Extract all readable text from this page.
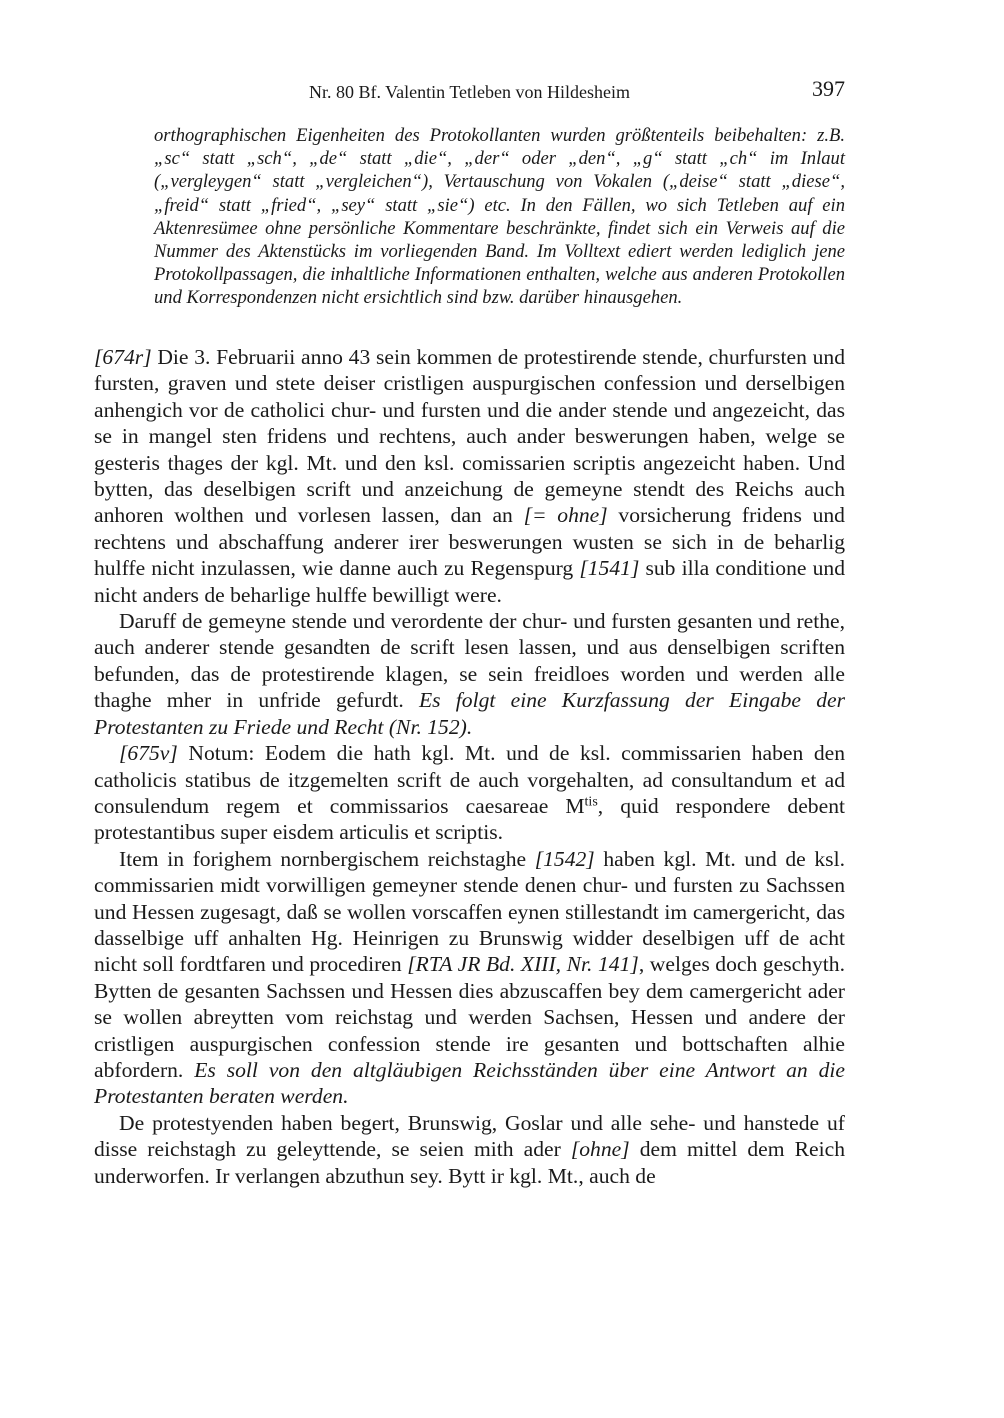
Nr. 80 Bf. Valentin Tetleben von Hildesheim	397
orthographischen Eigenheiten des Protokollanten wurden größtenteils beibehalten: z.B. „sc“ statt „sch“, „de“ statt „die“, „der“ oder „den“, „g“ statt „ch“ im Inlaut („vergleygen“ statt „vergleichen“), Vertauschung von Vokalen („deise“ statt „diese“, „freid“ statt „fried“, „sey“ statt „sie“) etc. In den Fällen, wo sich Tetleben auf ein Aktenresümee ohne persönliche Kommentare beschränkte, findet sich ein Verweis auf die Nummer des Aktenstücks im vorliegenden Band. Im Volltext ediert werden lediglich jene Protokollpassagen, die inhaltliche Informationen enthalten, welche aus anderen Protokollen und Korrespondenzen nicht ersichtlich sind bzw. darüber hinausgehen.

[674r] Die 3. Februarii anno 43 sein kommen de protestirende stende, churfursten und fursten, graven und stete deiser cristligen auspurgischen confession und derselbigen anhengich vor de catholici chur- und fursten und die ander stende und angezeicht, das se in mangel sten fridens und rechtens, auch ander beswerungen haben, welge se gesteris thages der kgl. Mt. und den ksl. comissarien scriptis angezeicht haben. Und bytten, das deselbigen scrift und anzeichung de gemeyne stendt des Reichs auch anhoren wolthen und vorlesen lassen, dan an [= ohne] vorsicherung fridens und rechtens und abschaffung anderer irer beswerungen wusten se sich in de beharlig hulffe nicht inzulassen, wie danne auch zu Regenspurg [1541] sub illa conditione und nicht anders de beharlige hulffe bewilligt were.

Daruff de gemeyne stende und verordente der chur- und fursten gesanten und rethe, auch anderer stende gesandten de scrift lesen lassen, und aus denselbigen scriften befunden, das de protestirende klagen, se sein freidloes worden und werden alle thaghe mher in unfride gefurdt. Es folgt eine Kurzfassung der Eingabe der Protestanten zu Friede und Recht (Nr. 152).

[675v] Notum: Eodem die hath kgl. Mt. und de ksl. commissarien haben den catholicis statibus de itzgemelten scrift de auch vorgehalten, ad consultandum et ad consulendum regem et commissarios caesareae $M^{tis}$, quid respondere debent protestantibus super eisdem articulis et scriptis.

Item in forighem nornbergischem reichstaghe [1542] haben kgl. Mt. und de ksl. commissarien midt vorwilligen gemeyner stende denen chur- und fursten zu Sachssen und Hessen zugesagt, daß se wollen vorscaffen eynen stillestandt im camergericht, das dasselbige uff anhalten Hg. Heinrigen zu Brunswig widder deselbigen uff de acht nicht soll fordtfaren und procediren [RTA JR Bd. XIII, Nr. 141], welges doch geschyth. Bytten de gesanten Sachssen und Hessen dies abzuscaffen bey dem camergericht ader se wollen abreytten vom reichstag und werden Sachsen, Hessen und andere der cristligen auspurgischen confession stende ire gesanten und bottschaften alhie abfordern. Es soll von den altgläubigen Reichsständen über eine Antwort an die Protestanten beraten werden.

De protestyenden haben begert, Brunswig, Goslar und alle sehe- und hanstede uf disse reichstagh zu geleyttende, se seien mith ader [ohne] dem mittel dem Reich underworfen. Ir verlangen abzuthun sey. Bytt ir kgl. Mt., auch de
